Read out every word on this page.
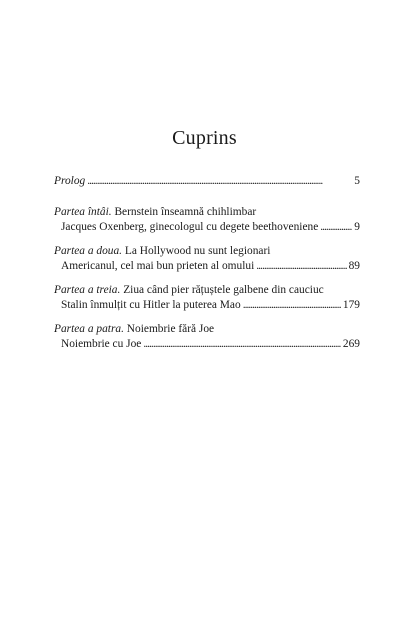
Cuprins
Prolog . . .	5
Partea întâi. Bernstein înseamnă chihlimbar
Jacques Oxenberg, ginecologul cu degete beethoveniene . . .	9
Partea a doua. La Hollywood nu sunt legionari
Americanul, cel mai bun prieten al omului . . .	89
Partea a treia. Ziua când pier rățuștele galbene din cauciuc
Stalin înmulțit cu Hitler la puterea Mao . . .	179
Partea a patra. Noiembrie fără Joe
Noiembrie cu Joe . . .	269
